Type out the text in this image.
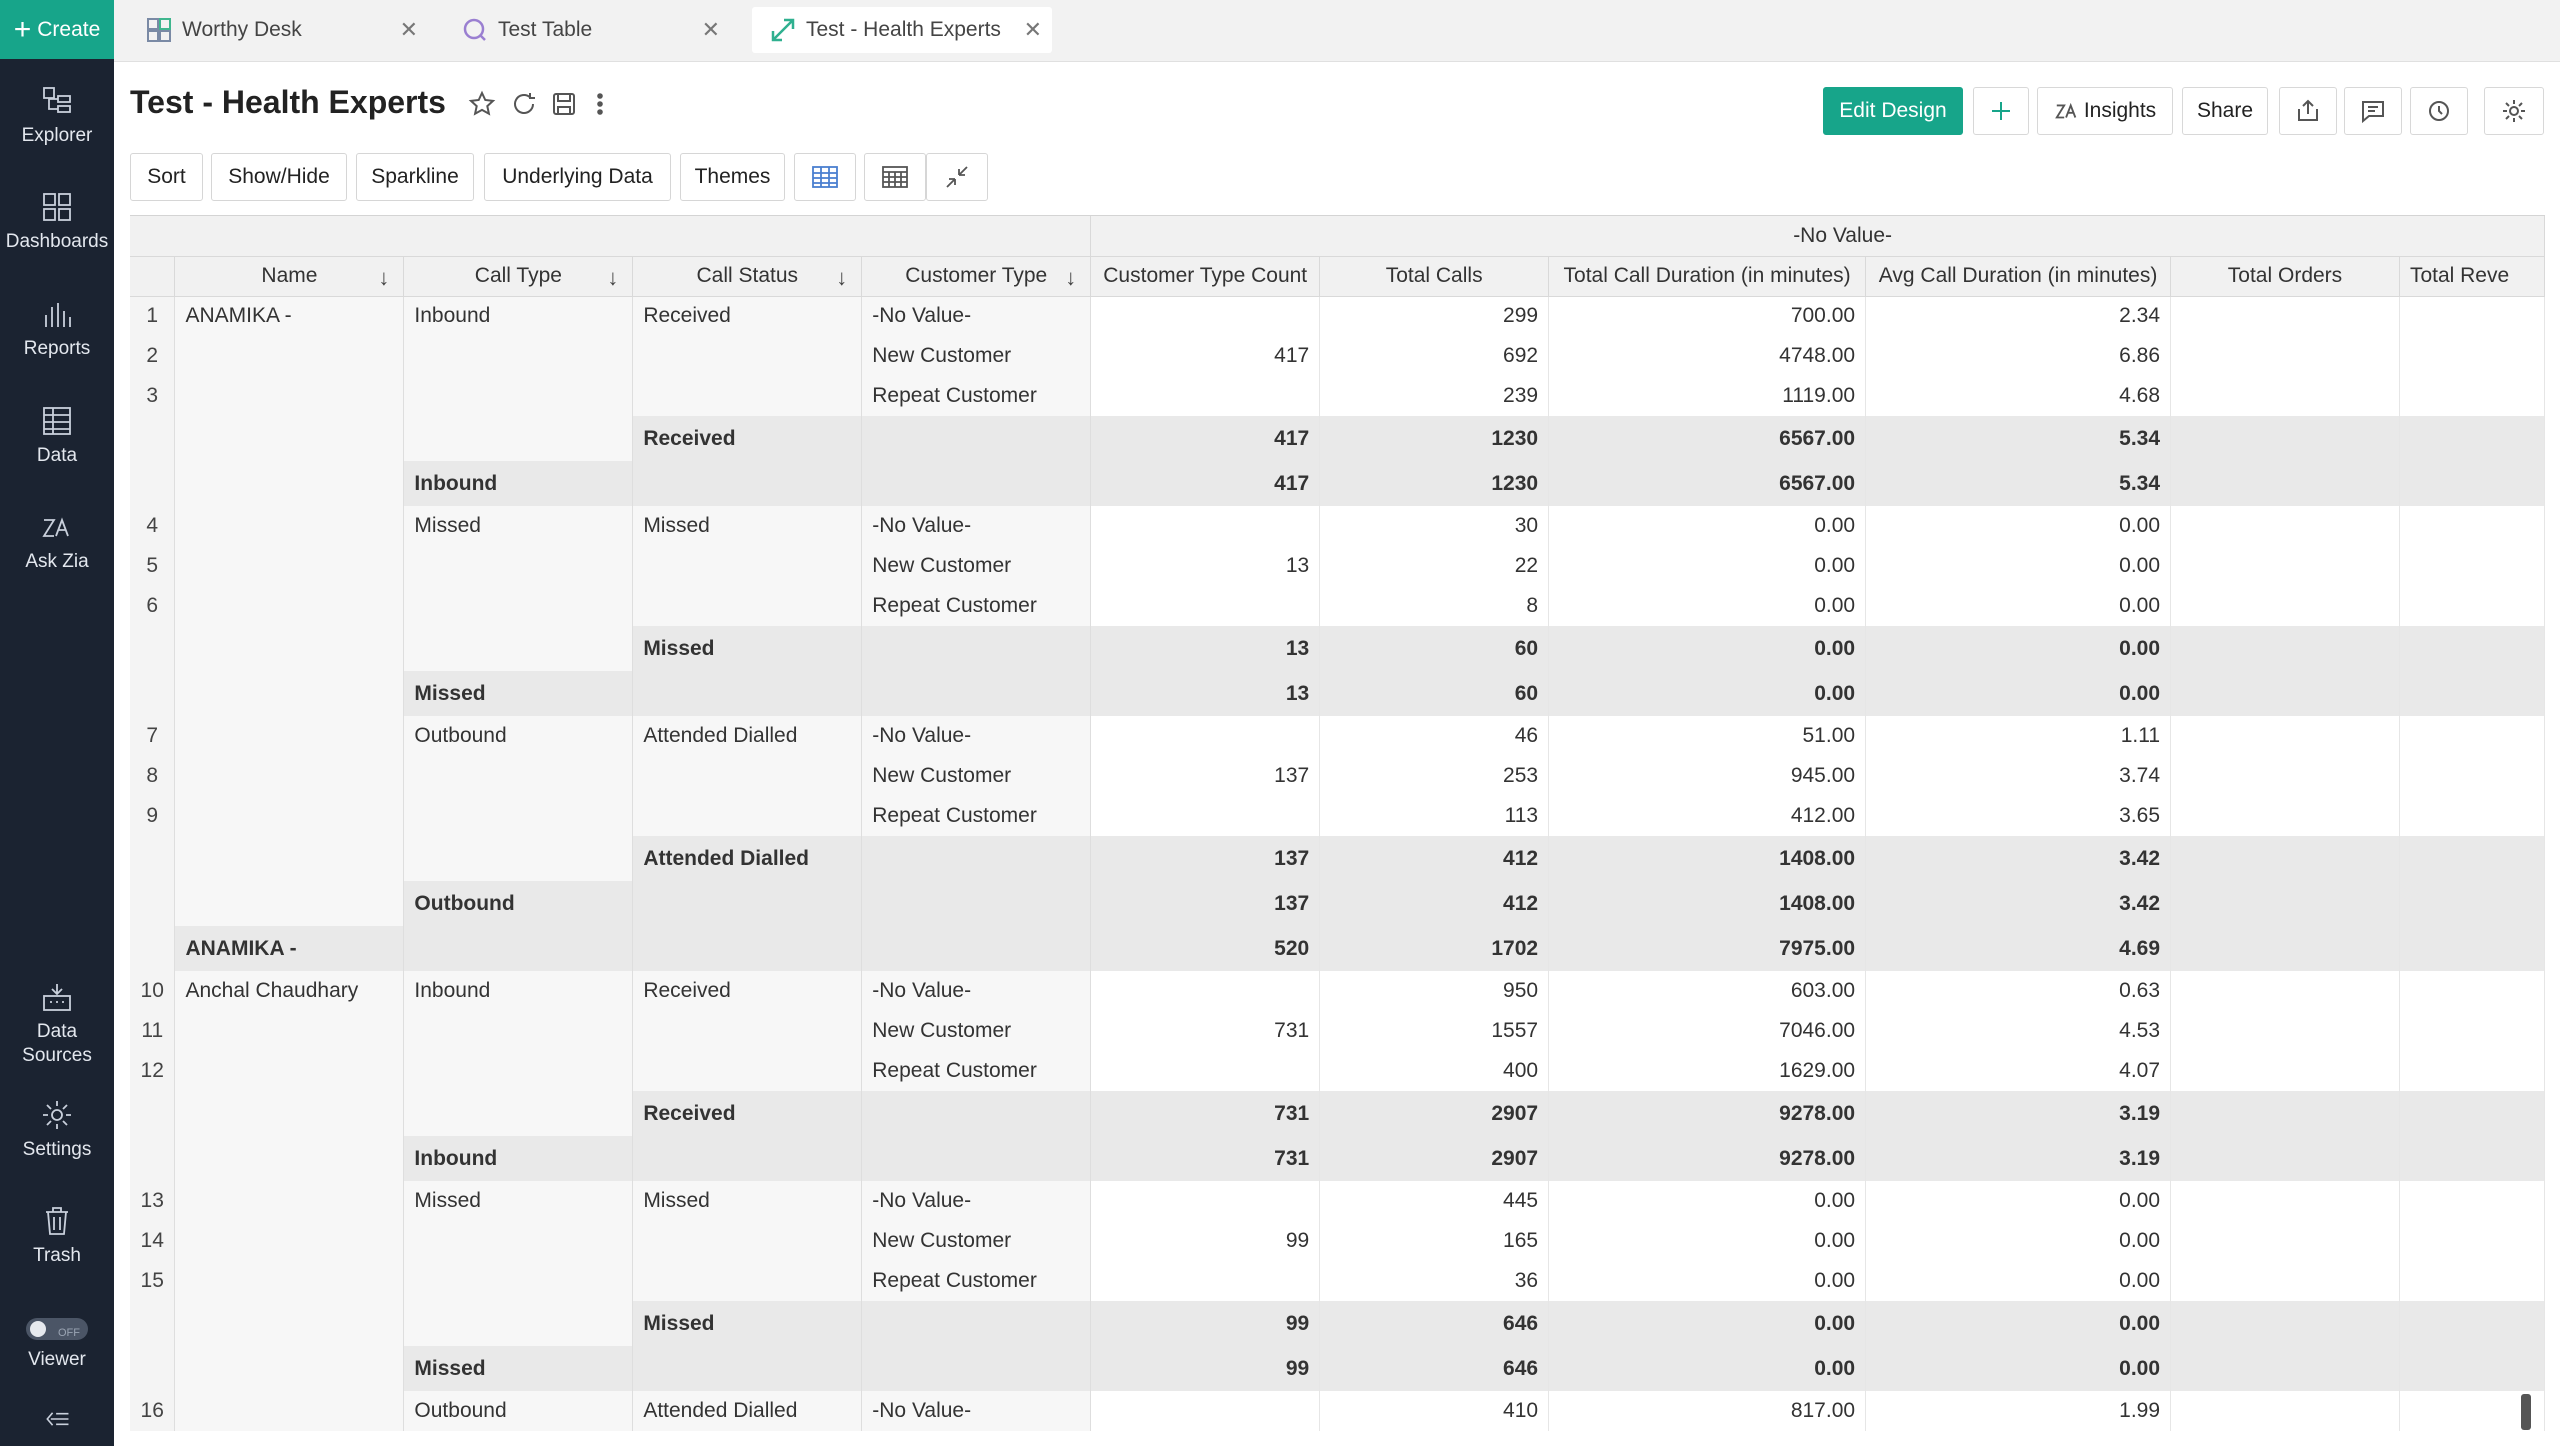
+ Create
Explorer
Dashboards
Reports
Data
Ask Zia
Data
Sources
Settings
Trash
OFF
Viewer
Worthy Desk	✕	Test Table	✕	Test - Health Experts ✕
Test - Health Experts	Edit Design	Insights	Share
Sort	Show/Hide	Sparkline	Underlying Data	Themes
					-No Value-					
	Name ↓	Call Type ↓	Call Status ↓	Customer Type ↓	Customer Type Count	Total Calls	Total Call Duration (in minutes)	Avg Call Duration (in minutes)	Total Orders	Total Reve
1	ANAMIKA -	Inbound	Received	-No Value-		299	700.00	2.34		
2				New Customer	417	692	4748.00	6.86		
3				Repeat Customer		239	1119.00	4.68		
			Received		417	1230	6567.00	5.34		
		Inbound			417	1230	6567.00	5.34		
4		Missed	Missed	-No Value-		30	0.00	0.00		
5				New Customer	13	22	0.00	0.00		
6				Repeat Customer		8	0.00	0.00		
			Missed		13	60	0.00	0.00		
		Missed			13	60	0.00	0.00		
7		Outbound	Attended Dialled	-No Value-		46	51.00	1.11		
8				New Customer	137	253	945.00	3.74		
9				Repeat Customer		113	412.00	3.65		
			Attended Dialled		137	412	1408.00	3.42		
		Outbound			137	412	1408.00	3.42		
	ANAMIKA -				520	1702	7975.00	4.69		
10	Anchal Chaudhary	Inbound	Received	-No Value-		950	603.00	0.63		
11				New Customer	731	1557	7046.00	4.53		
12				Repeat Customer		400	1629.00	4.07		
			Received		731	2907	9278.00	3.19		
		Inbound			731	2907	9278.00	3.19		
13		Missed	Missed	-No Value-		445	0.00	0.00		
14				New Customer	99	165	0.00	0.00		
15				Repeat Customer		36	0.00	0.00		
			Missed		99	646	0.00	0.00		
		Missed			99	646	0.00	0.00		
16		Outbound	Attended Dialled	-No Value-		410	817.00	1.99		
